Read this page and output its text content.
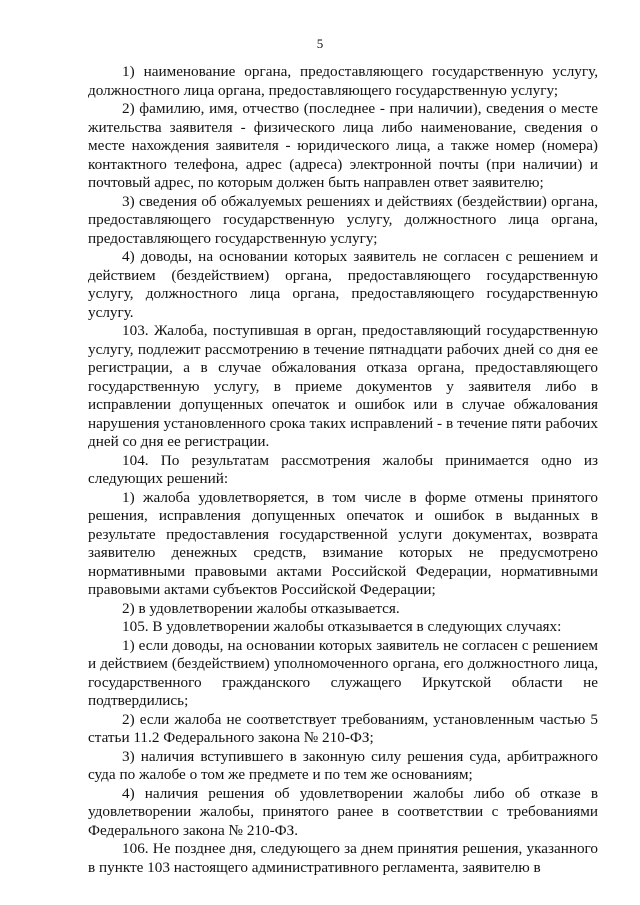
5

1) наименование органа, предоставляющего государственную услугу, должностного лица органа, предоставляющего государственную услугу;

2) фамилию, имя, отчество (последнее - при наличии), сведения о месте жительства заявителя - физического лица либо наименование, сведения о месте нахождения заявителя - юридического лица, а также номер (номера) контактного телефона, адрес (адреса) электронной почты (при наличии) и почтовый адрес, по которым должен быть направлен ответ заявителю;

3) сведения об обжалуемых решениях и действиях (бездействии) органа, предоставляющего государственную услугу, должностного лица органа, предоставляющего государственную услугу;

4) доводы, на основании которых заявитель не согласен с решением и действием (бездействием) органа, предоставляющего государственную услугу, должностного лица органа, предоставляющего государственную услугу.

103. Жалоба, поступившая в орган, предоставляющий государственную услугу, подлежит рассмотрению в течение пятнадцати рабочих дней со дня ее регистрации, а в случае обжалования отказа органа, предоставляющего государственную услугу, в приеме документов у заявителя либо в исправлении допущенных опечаток и ошибок или в случае обжалования нарушения установленного срока таких исправлений - в течение пяти рабочих дней со дня ее регистрации.

104. По результатам рассмотрения жалобы принимается одно из следующих решений:

1) жалоба удовлетворяется, в том числе в форме отмены принятого решения, исправления допущенных опечаток и ошибок в выданных в результате предоставления государственной услуги документах, возврата заявителю денежных средств, взимание которых не предусмотрено нормативными правовыми актами Российской Федерации, нормативными правовыми актами субъектов Российской Федерации;

2) в удовлетворении жалобы отказывается.

105. В удовлетворении жалобы отказывается в следующих случаях:

1) если доводы, на основании которых заявитель не согласен с решением и действием (бездействием) уполномоченного органа, его должностного лица, государственного гражданского служащего Иркутской области не подтвердились;

2) если жалоба не соответствует требованиям, установленным частью 5 статьи 11.2 Федерального закона № 210-ФЗ;

3) наличия вступившего в законную силу решения суда, арбитражного суда по жалобе о том же предмете и по тем же основаниям;

4) наличия решения об удовлетворении жалобы либо об отказе в удовлетворении жалобы, принятого ранее в соответствии с требованиями Федерального закона № 210-ФЗ.

106. Не позднее дня, следующего за днем принятия решения, указанного в пункте 103 настоящего административного регламента, заявителю в
